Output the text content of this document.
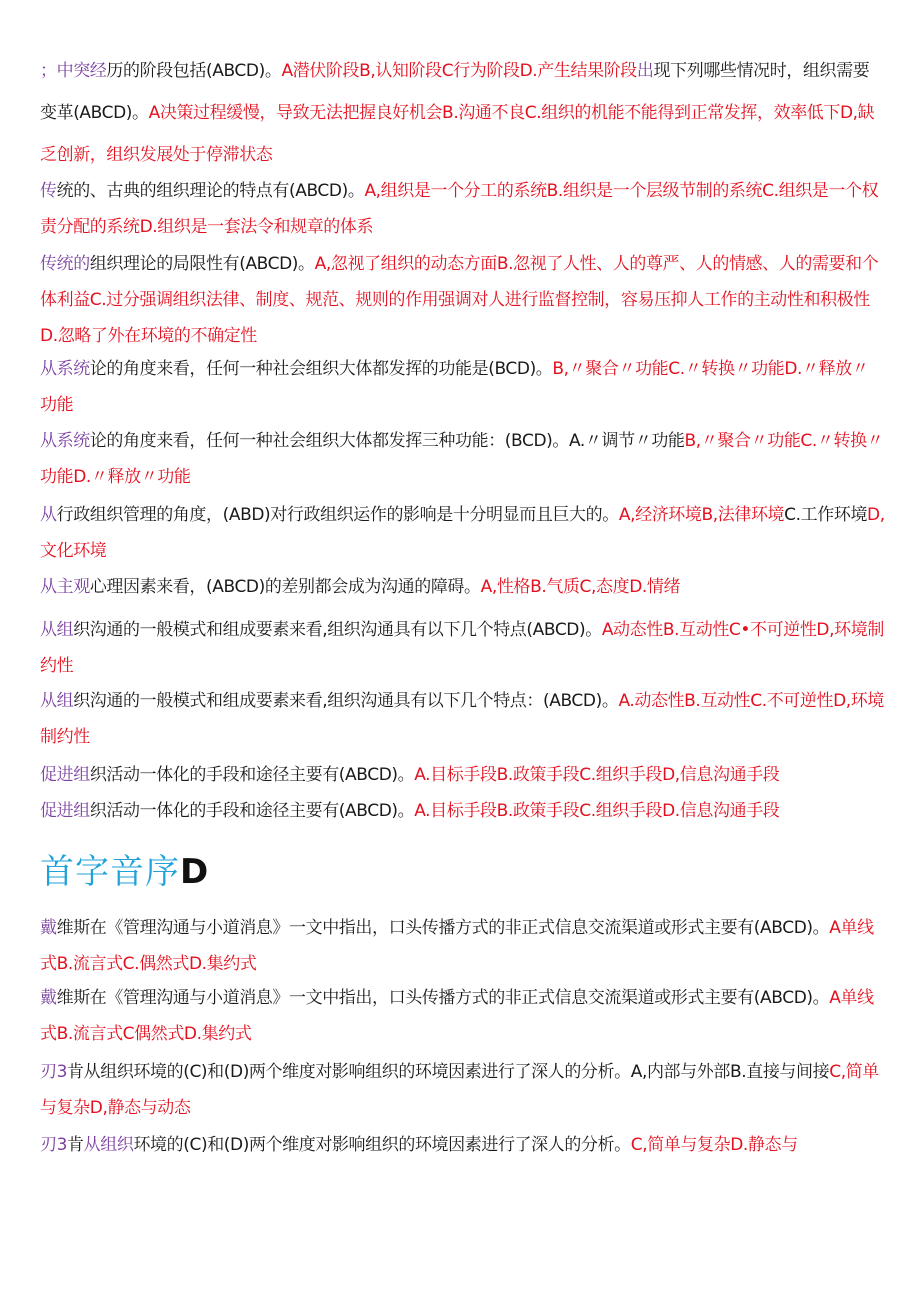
；中突经历的阶段包括(ABCD)。A潜伏阶段B,认知阶段C行为阶段D.产生结果阶段出现下列哪些情况时，组织需要变革(ABCD)。A决策过程缓慢，导致无法把握良好机会B.沟通不良C.组织的机能不能得到正常发挥，效率低下D,缺乏创新，组织发展处于停滞状态
传统的、古典的组织理论的特点有(ABCD)。A,组织是一个分工的系统B.组织是一个层级节制的系统C.组织是一个权责分配的系统D.组织是一套法令和规章的体系
传统的组织理论的局限性有(ABCD)。A,忽视了组织的动态方面B.忽视了人性、人的尊严、人的情感、人的需要和个体利益C.过分强调组织法律、制度、规范、规则的作用强调对人进行监督控制，容易压抑人工作的主动性和积极性D.忽略了外在环境的不确定性
从系统论的角度来看，任何一种社会组织大体都发挥的功能是(BCD)。B,〃聚合〃功能C.〃转换〃功能D.〃释放〃功能
从系统论的角度来看，任何一种社会组织大体都发挥三种功能：(BCD)。A.〃调节〃功能B,〃聚合〃功能C.〃转换〃功能D.〃释放〃功能
从行政组织管理的角度，(ABD)对行政组织运作的影响是十分明显而且巨大的。A,经济环境B,法律环境C.工作环境D,文化环境
从主观心理因素来看，(ABCD)的差别都会成为沟通的障碍。A,性格B.气质C,态度D.情绪
从组织沟通的一般模式和组成要素来看,组织沟通具有以下几个特点(ABCD)。A动态性B.互动性C•不可逆性D,环境制约性
从组织沟通的一般模式和组成要素来看,组织沟通具有以下几个特点：(ABCD)。A.动态性B.互动性C.不可逆性D,环境制约性
促进组织活动一体化的手段和途径主要有(ABCD)。A.目标手段B.政策手段C.组织手段D,信息沟通手段
促进组织活动一体化的手段和途径主要有(ABCD)。A.目标手段B.政策手段C.组织手段D.信息沟通手段
首字音序D
戴维斯在《管理沟通与小道消息》一文中指出，口头传播方式的非正式信息交流渠道或形式主要有(ABCD)。A单线式B.流言式C.偶然式D.集约式
戴维斯在《管理沟通与小道消息》一文中指出，口头传播方式的非正式信息交流渠道或形式主要有(ABCD)。A单线式B.流言式C偶然式D.集约式
刃3肯从组织环境的(C)和(D)两个维度对影响组织的环境因素进行了深人的分析。A,内部与外部B.直接与间接C,简单与复杂D,静态与动态
刃3肯从组织环境的(C)和(D)两个维度对影响组织的环境因素进行了深人的分析。C,简单与复杂D.静态与
